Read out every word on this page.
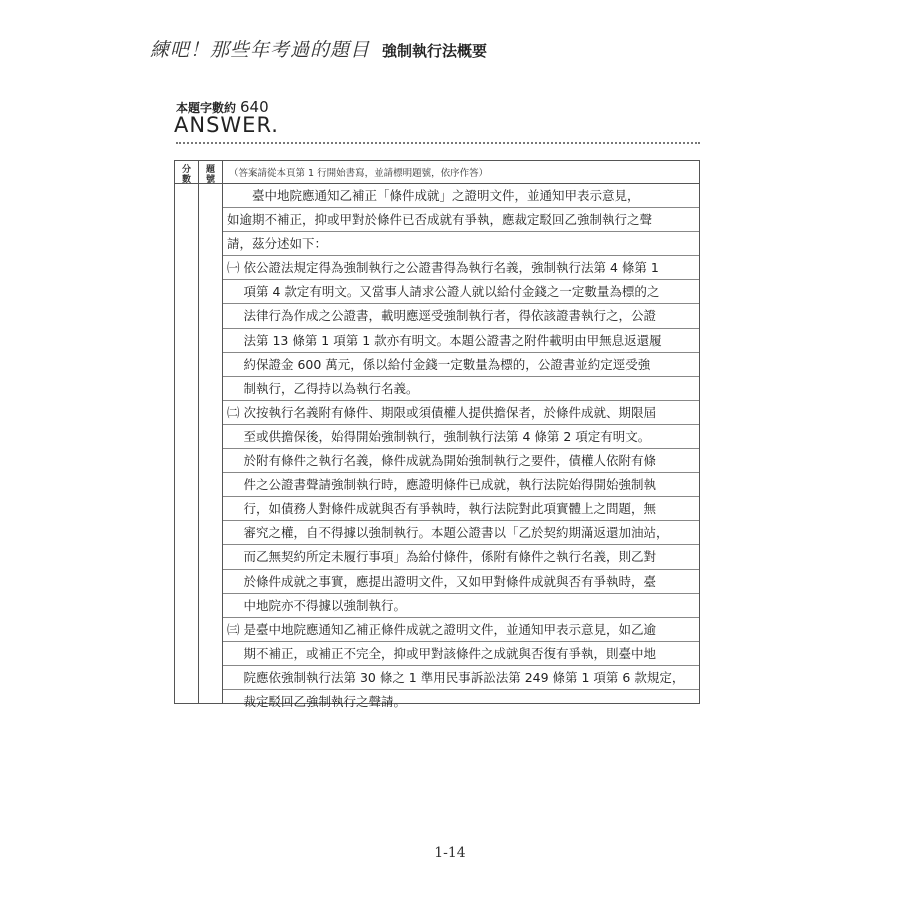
練吧！那些年考過的題目 強制執行法概要
本題字數約 640
ANSWER.
分
數
題
號
（答案請從本頁第 1 行開始書寫，並請標明題號，依序作答）
　　臺中地院應通知乙補正「條件成就」之證明文件，並通知甲表示意見，
如逾期不補正，抑或甲對於條件已否成就有爭執，應裁定駁回乙強制執行之聲
請，茲分述如下：
㈠ 依公證法規定得為強制執行之公證書得為執行名義，強制執行法第 4 條第 1
　 項第 4 款定有明文。又當事人請求公證人就以給付金錢之一定數量為標的之
　 法律行為作成之公證書，載明應逕受強制執行者，得依該證書執行之，公證
　 法第 13 條第 1 項第 1 款亦有明文。本題公證書之附件載明由甲無息返還履
　 約保證金 600 萬元，係以給付金錢一定數量為標的，公證書並約定逕受強
　 制執行，乙得持以為執行名義。
㈡ 次按執行名義附有條件、期限或須債權人提供擔保者，於條件成就、期限屆
　 至或供擔保後，始得開始強制執行，強制執行法第 4 條第 2 項定有明文。
　 於附有條件之執行名義，條件成就為開始強制執行之要件，債權人依附有條
　 件之公證書聲請強制執行時，應證明條件已成就，執行法院始得開始強制執
　 行，如債務人對條件成就與否有爭執時，執行法院對此項實體上之問題，無
　 審究之權，自不得據以強制執行。本題公證書以「乙於契約期滿返還加油站，
　 而乙無契約所定未履行事項」為給付條件，係附有條件之執行名義，則乙對
　 於條件成就之事實，應提出證明文件，又如甲對條件成就與否有爭執時，臺
　 中地院亦不得據以強制執行。
㈢ 是臺中地院應通知乙補正條件成就之證明文件，並通知甲表示意見，如乙逾
　 期不補正，或補正不完全，抑或甲對該條件之成就與否復有爭執，則臺中地
　 院應依強制執行法第 30 條之 1 準用民事訴訟法第 249 條第 1 項第 6 款規定，
　 裁定駁回乙強制執行之聲請。
1-14
